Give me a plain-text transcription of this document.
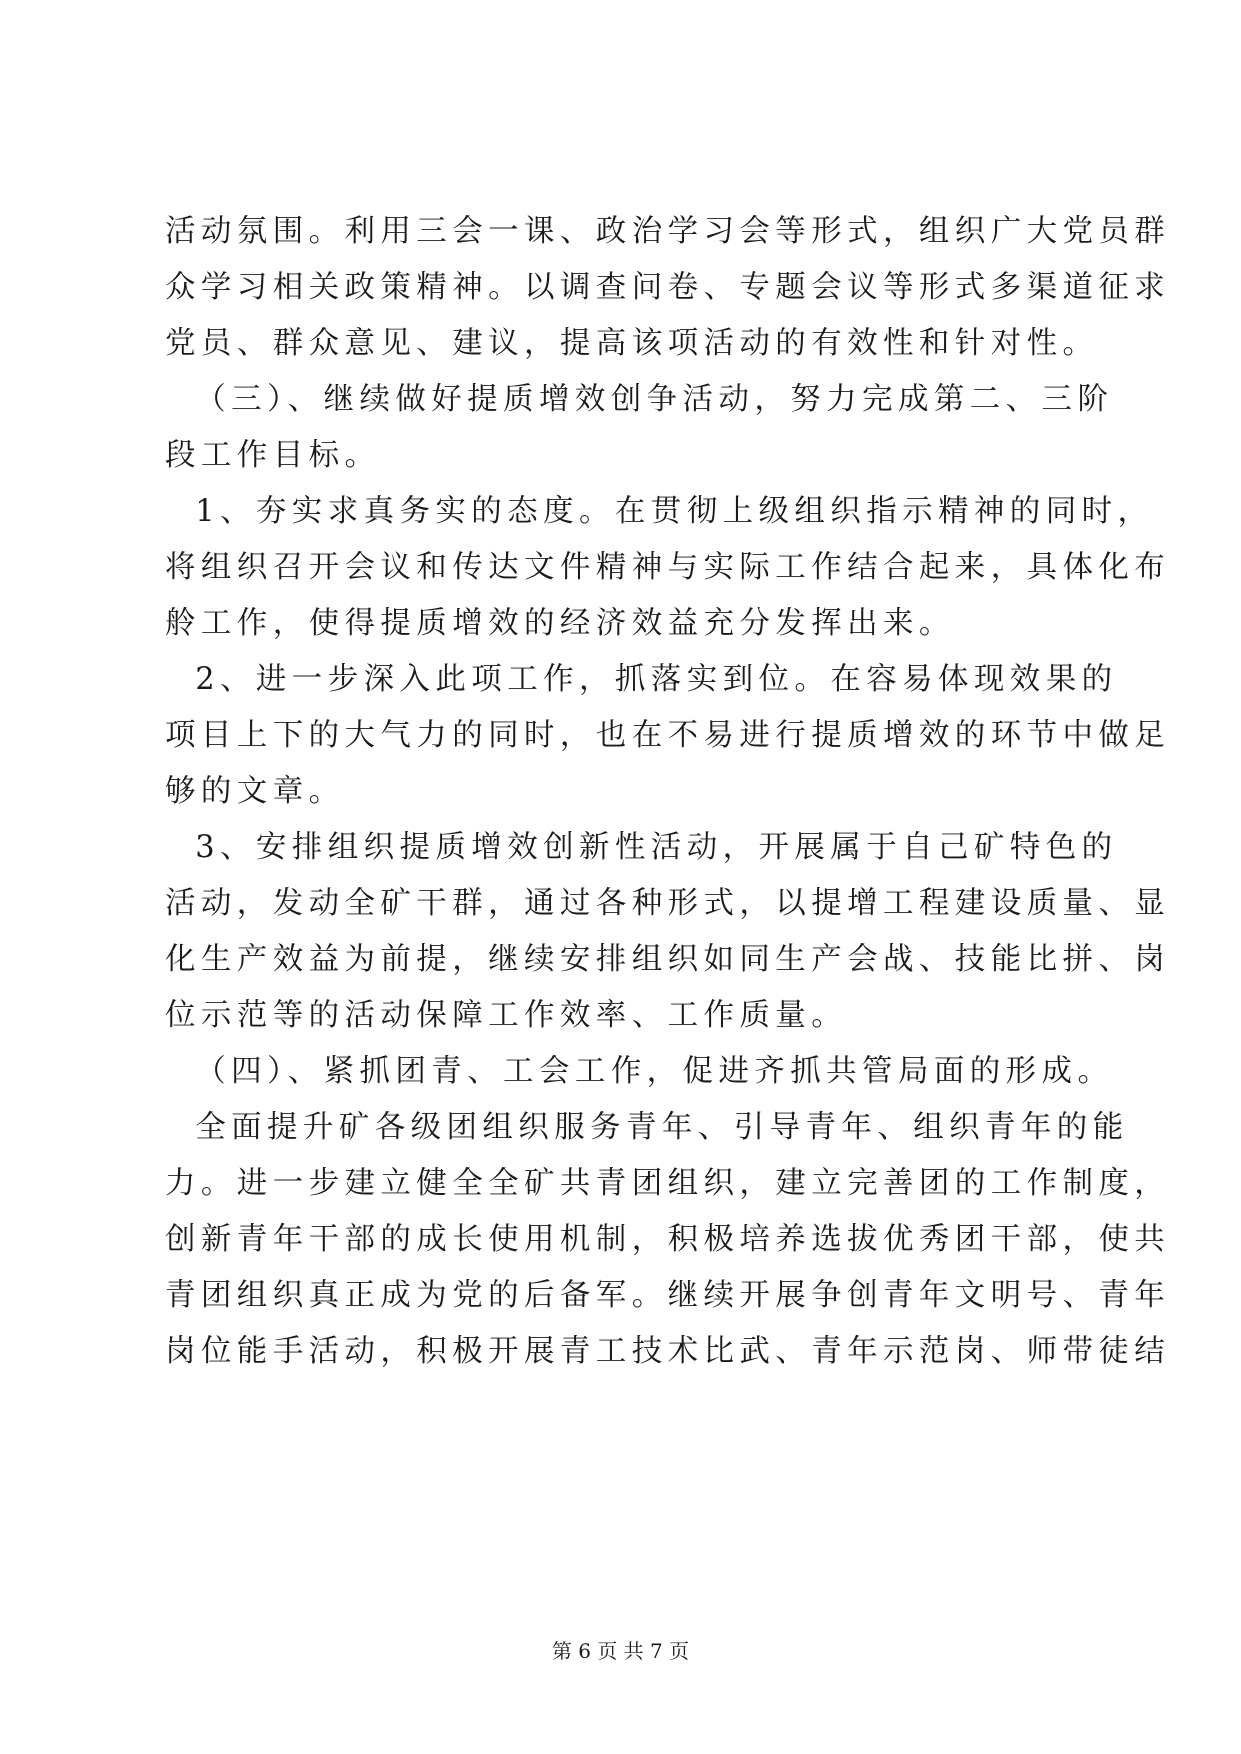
活动氛围。利用三会一课、政治学习会等形式，组织广大党员群
众学习相关政策精神。以调查问卷、专题会议等形式多渠道征求
党员、群众意见、建议，提高该项活动的有效性和针对性。
（三）、继续做好提质增效创争活动，努力完成第二、三阶
段工作目标。
1、夯实求真务实的态度。在贯彻上级组织指示精神的同时，
将组织召开会议和传达文件精神与实际工作结合起来，具体化布
舲工作，使得提质增效的经济效益充分发挥出来。
2、进一步深入此项工作，抓落实到位。在容易体现效果的
项目上下的大气力的同时，也在不易进行提质增效的环节中做足
够的文章。
3、安排组织提质增效创新性活动，开展属于自己矿特色的
活动，发动全矿干群，通过各种形式，以提增工程建设质量、显
化生产效益为前提，继续安排组织如同生产会战、技能比拼、岗
位示范等的活动保障工作效率、工作质量。
（四）、紧抓团青、工会工作，促进齐抓共管局面的形成。
全面提升矿各级团组织服务青年、引导青年、组织青年的能
力。进一步建立健全全矿共青团组织，建立完善团的工作制度，
创新青年干部的成长使用机制，积极培养选拔优秀团干部，使共
青团组织真正成为党的后备军。继续开展争创青年文明号、青年
岗位能手活动，积极开展青工技术比武、青年示范岗、师带徒结
第 6 页 共 7 页
